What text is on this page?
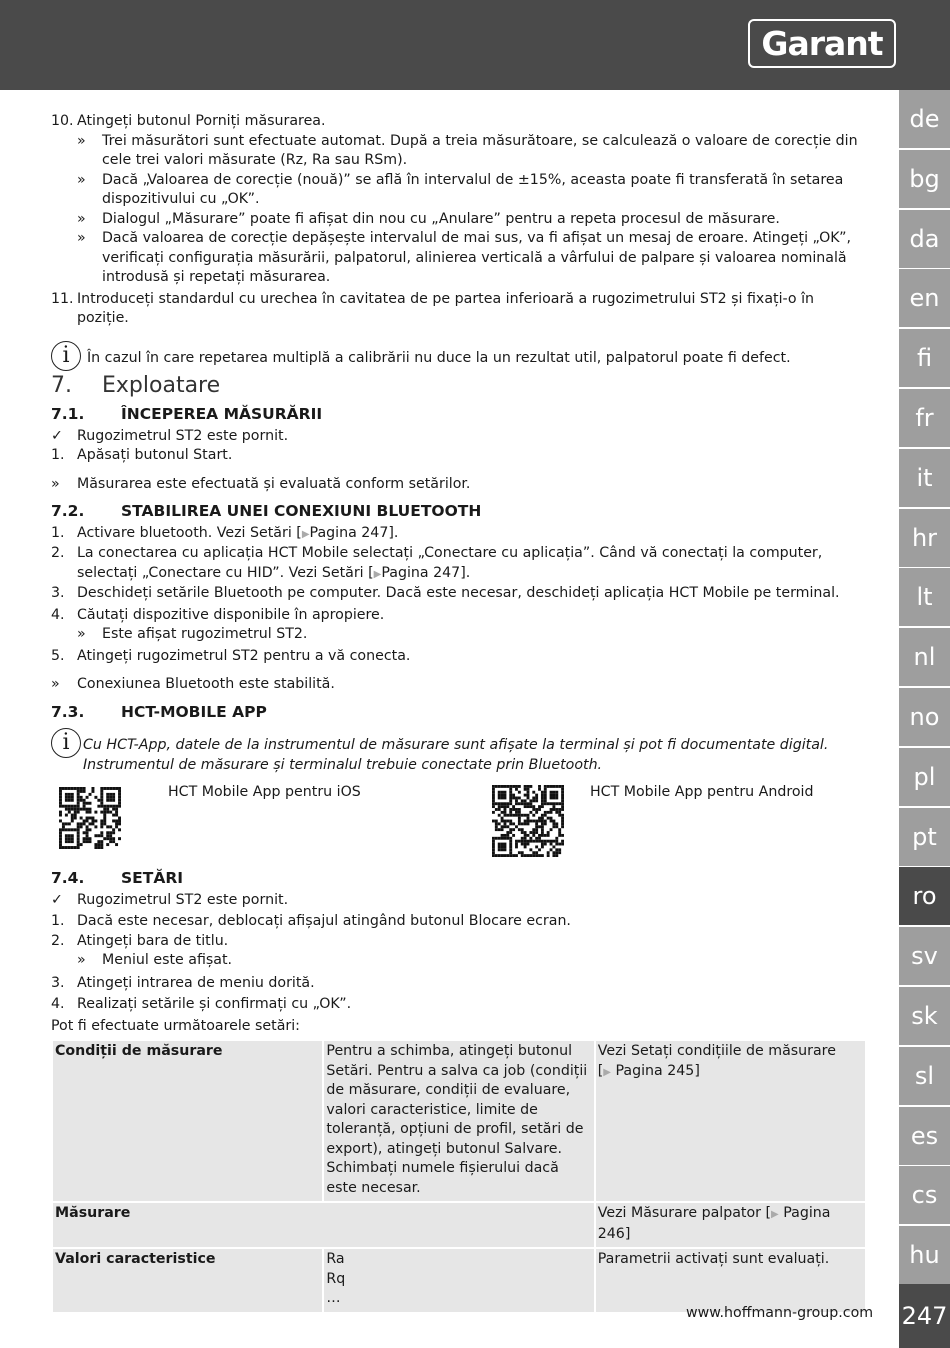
Garant
de
bg
da
en
fi
fr
it
hr
lt
nl
no
pl
pt
ro
sv
sk
sl
es
cs
hu
247
10. Atingeți butonul Porniți măsurarea.
» Trei măsurători sunt efectuate automat. După a treia măsurătoare, se calculează o valoare de corecție din cele trei valori măsurate (Rz, Ra sau RSm).
» Dacă „Valoarea de corecție (nouă)” se află în intervalul de ±15%, aceasta poate fi transferată în setarea dispozitivului cu „OK”.
» Dialogul „Măsurare” poate fi afișat din nou cu „Anulare” pentru a repeta procesul de măsurare.
» Dacă valoarea de corecție depășește intervalul de mai sus, va fi afișat un mesaj de eroare. Atingeți „OK”, verificați configurația măsurării, palpatorul, alinierea verticală a vârfului de palpare și valoarea nominală introdusă și repetați măsurarea.
11. Introduceți standardul cu urechea în cavitatea de pe partea inferioară a rugozimetrului ST2 și fixați-o în poziție.
i	În cazul în care repetarea multiplă a calibrării nu duce la un rezultat util, palpatorul poate fi defect.
7. Exploatare
7.1. ÎNCEPEREA MĂSURĂRII
✓ Rugozimetrul ST2 este pornit.
1. Apăsați butonul Start.
»	Măsurarea este efectuată și evaluată conform setărilor.
7.2. STABILIREA UNEI CONEXIUNI BLUETOOTH
1. Activare bluetooth. Vezi Setări [▶Pagina 247].
2. La conectarea cu aplicația HCT Mobile selectați „Conectare cu aplicația”. Când vă conectați la computer, selectați „Conectare cu HID”. Vezi Setări [▶Pagina 247].
3. Deschideți setările Bluetooth pe computer. Dacă este necesar, deschideți aplicația HCT Mobile pe terminal.
4. Căutați dispozitive disponibile în apropiere.
» Este afișat rugozimetrul ST2.
5. Atingeți rugozimetrul ST2 pentru a vă conecta.
»	Conexiunea Bluetooth este stabilită.
7.3. HCT-MOBILE APP
i Cu HCT-App, datele de la instrumentul de măsurare sunt afișate la terminal și pot fi documentate digital. Instrumentul de măsurare și terminalul trebuie conectate prin Bluetooth.
HCT Mobile App pentru iOS	HCT Mobile App pentru Android
7.4. SETĂRI
✓ Rugozimetrul ST2 este pornit.
1. Dacă este necesar, deblocați afișajul atingând butonul Blocare ecran.
2. Atingeți bara de titlu.
» Meniul este afișat.
3. Atingeți intrarea de meniu dorită.
4. Realizați setările și confirmați cu „OK”.
Pot fi efectuate următoarele setări:
Condiții de măsurare	Pentru a schimba, atingeți butonul Setări. Pentru a salva ca job (condiții de măsurare, condiții de evaluare, valori caracteristice, limite de toleranță, opțiuni de profil, setări de export), atingeți butonul Salvare. Schimbați numele fișierului dacă este necesar.	Vezi Setați condițiile de măsurare
[▶ Pagina 245]
Măsurare		Vezi Măsurare palpator [▶ Pagina 246]
Valori caracteristice	Ra
Rq
…	Parametrii activați sunt evaluați.
www.hoffmann-group.com
